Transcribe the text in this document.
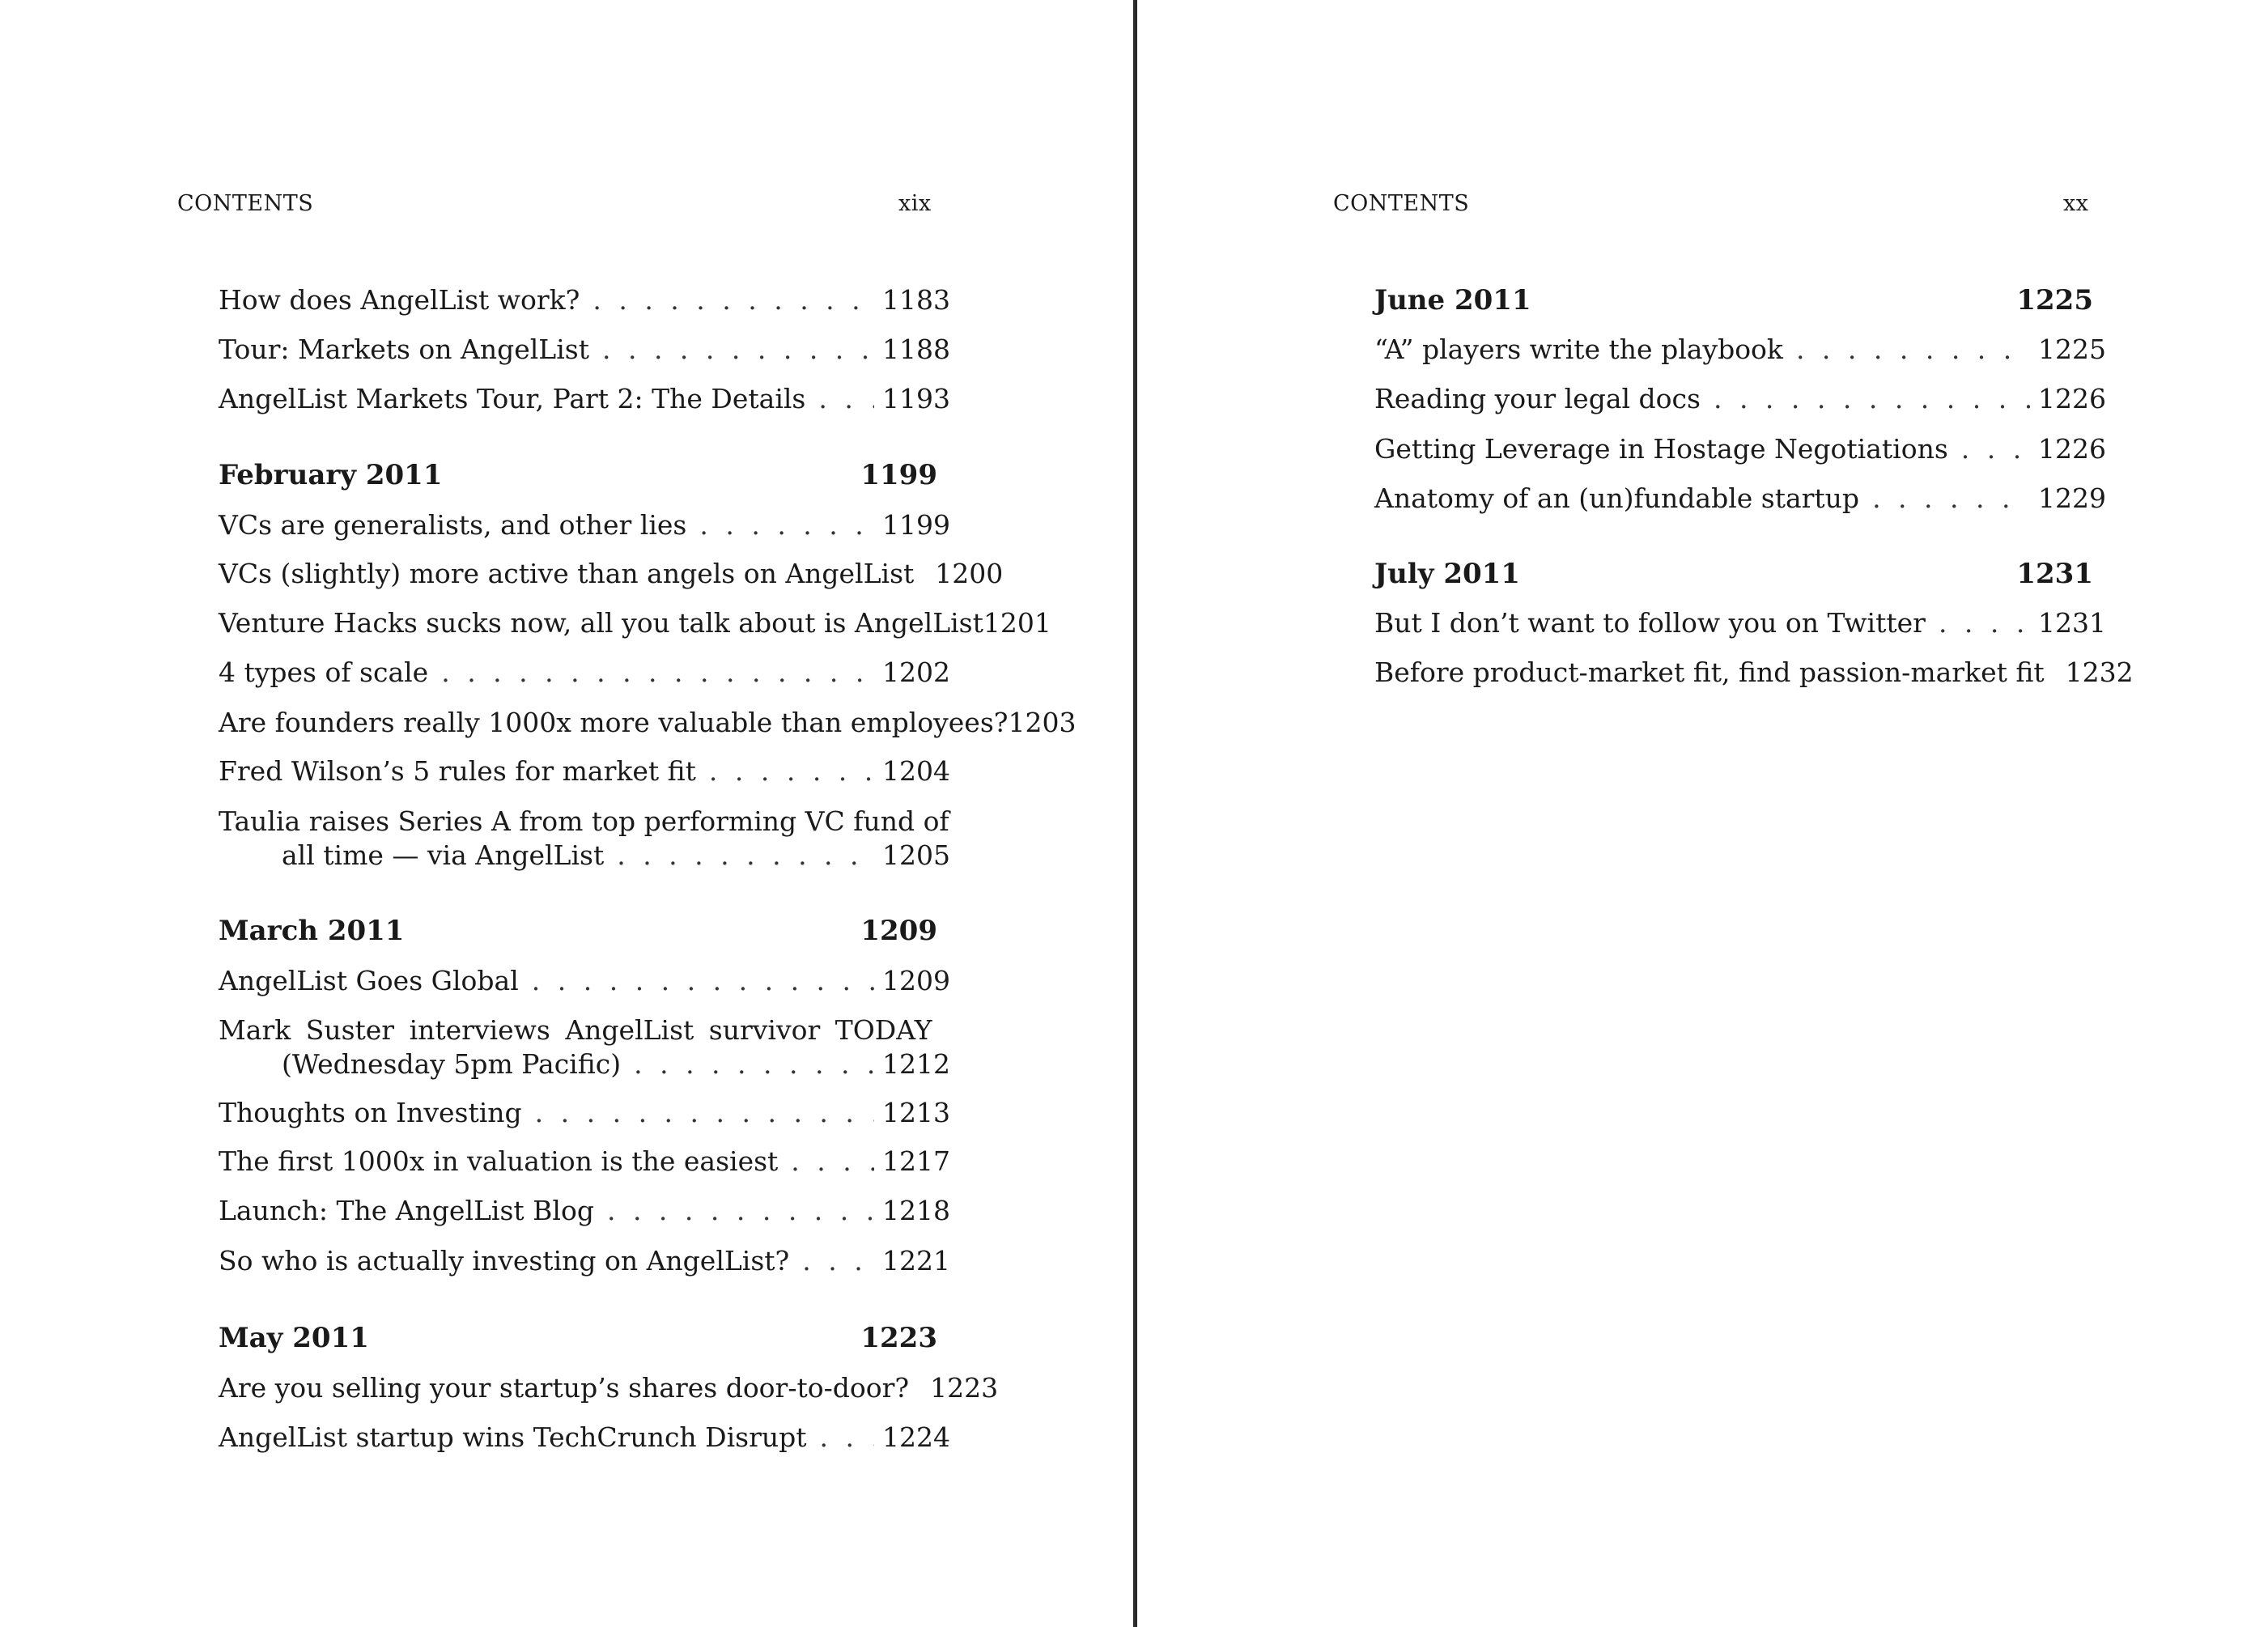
CONTENTS	xix
How does AngelList work? . . .	1183
Tour: Markets on AngelList . . .	1188
AngelList Markets Tour, Part 2: The Details . . .	1193
February 2011	1199
VCs are generalists, and other lies . . .	1199
VCs (slightly) more active than angels on AngelList 1200
Venture Hacks sucks now, all you talk about is AngelList 1201
4 types of scale . . .	1202
Are founders really 1000x more valuable than employees? 1203
Fred Wilson’s 5 rules for market fit . . .	1204
Taulia raises Series A from top performing VC fund of
all time — via AngelList . . .	1205
March 2011	1209
AngelList Goes Global . . .	1209
Mark Suster interviews AngelList survivor TODAY
(Wednesday 5pm Pacific) . . .	1212
Thoughts on Investing . . .	1213
The first 1000x in valuation is the easiest . . .	1217
Launch: The AngelList Blog . . .	1218
So who is actually investing on AngelList? . . .	1221
May 2011	1223
Are you selling your startup’s shares door-to-door? 1223
AngelList startup wins TechCrunch Disrupt . . .	1224
CONTENTS	xx
June 2011	1225
“A” players write the playbook . . .	1225
Reading your legal docs . . .	1226
Getting Leverage in Hostage Negotiations . . .	1226
Anatomy of an (un)fundable startup . . .	1229
July 2011	1231
But I don’t want to follow you on Twitter . . .	1231
Before product-market fit, find passion-market fit 1232
